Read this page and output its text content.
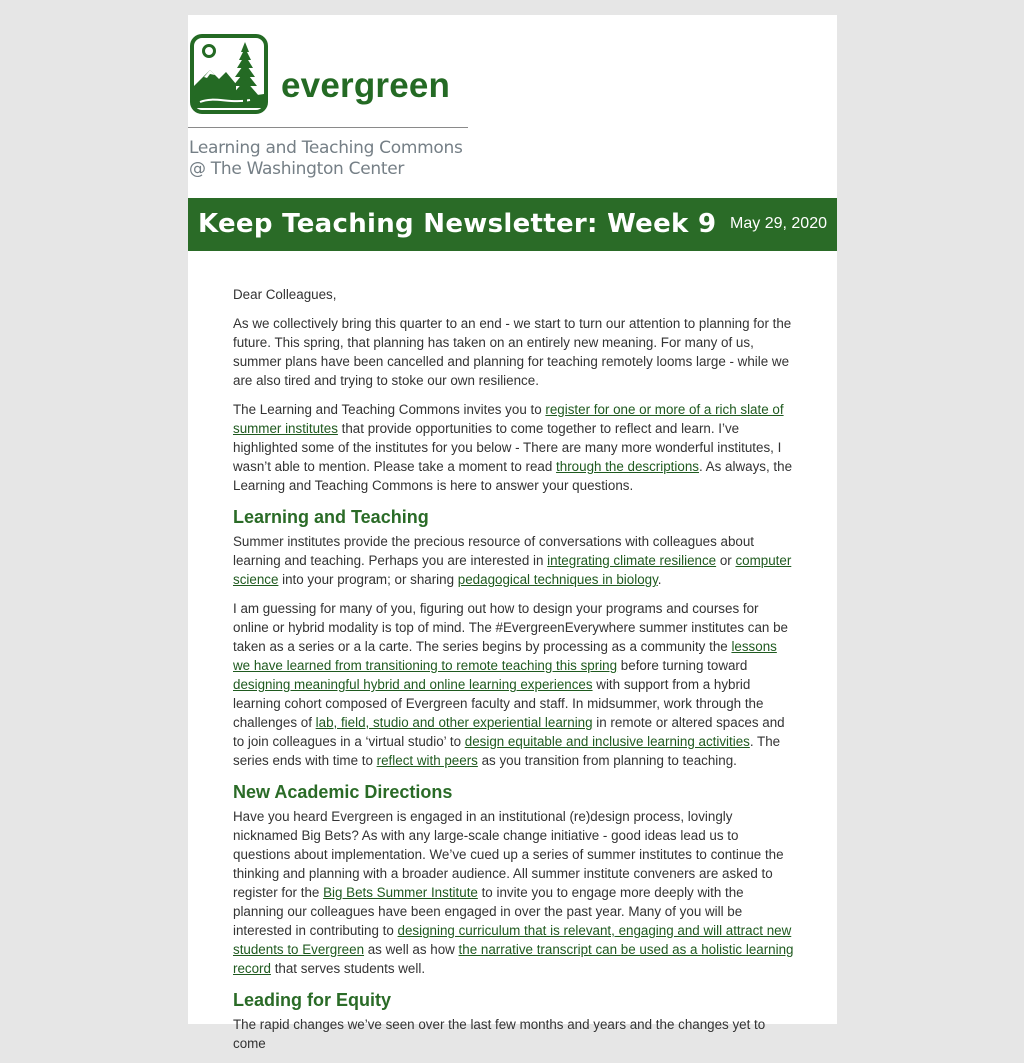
evergreen
Learning and Teaching Commons
@ The Washington Center
Keep Teaching Newsletter: Week 9 May 29, 2020

Dear Colleagues,

As we collectively bring this quarter to an end - we start to turn our attention to planning for the future. This spring, that planning has taken on an entirely new meaning. For many of us, summer plans have been cancelled and planning for teaching remotely looms large - while we are also tired and trying to stoke our own resilience.

The Learning and Teaching Commons invites you to register for one or more of a rich slate of summer institutes that provide opportunities to come together to reflect and learn. I’ve highlighted some of the institutes for you below - There are many more wonderful institutes, I wasn’t able to mention. Please take a moment to read through the descriptions. As always, the Learning and Teaching Commons is here to answer your questions.

Learning and Teaching

Summer institutes provide the precious resource of conversations with colleagues about learning and teaching. Perhaps you are interested in integrating climate resilience or computer science into your program; or sharing pedagogical techniques in biology.

I am guessing for many of you, figuring out how to design your programs and courses for online or hybrid modality is top of mind. The #EvergreenEverywhere summer institutes can be taken as a series or a la carte. The series begins by processing as a community the lessons we have learned from transitioning to remote teaching this spring before turning toward designing meaningful hybrid and online learning experiences with support from a hybrid learning cohort composed of Evergreen faculty and staff. In midsummer, work through the challenges of lab, field, studio and other experiential learning in remote or altered spaces and to join colleagues in a ‘virtual studio’ to design equitable and inclusive learning activities. The series ends with time to reflect with peers as you transition from planning to teaching.

New Academic Directions

Have you heard Evergreen is engaged in an institutional (re)design process, lovingly nicknamed Big Bets? As with any large-scale change initiative - good ideas lead us to questions about implementation. We’ve cued up a series of summer institutes to continue the thinking and planning with a broader audience. All summer institute conveners are asked to register for the Big Bets Summer Institute to invite you to engage more deeply with the planning our colleagues have been engaged in over the past year. Many of you will be interested in contributing to designing curriculum that is relevant, engaging and will attract new students to Evergreen as well as how the narrative transcript can be used as a holistic learning record that serves students well.

Leading for Equity

The rapid changes we’ve seen over the last few months and years and the changes yet to come
